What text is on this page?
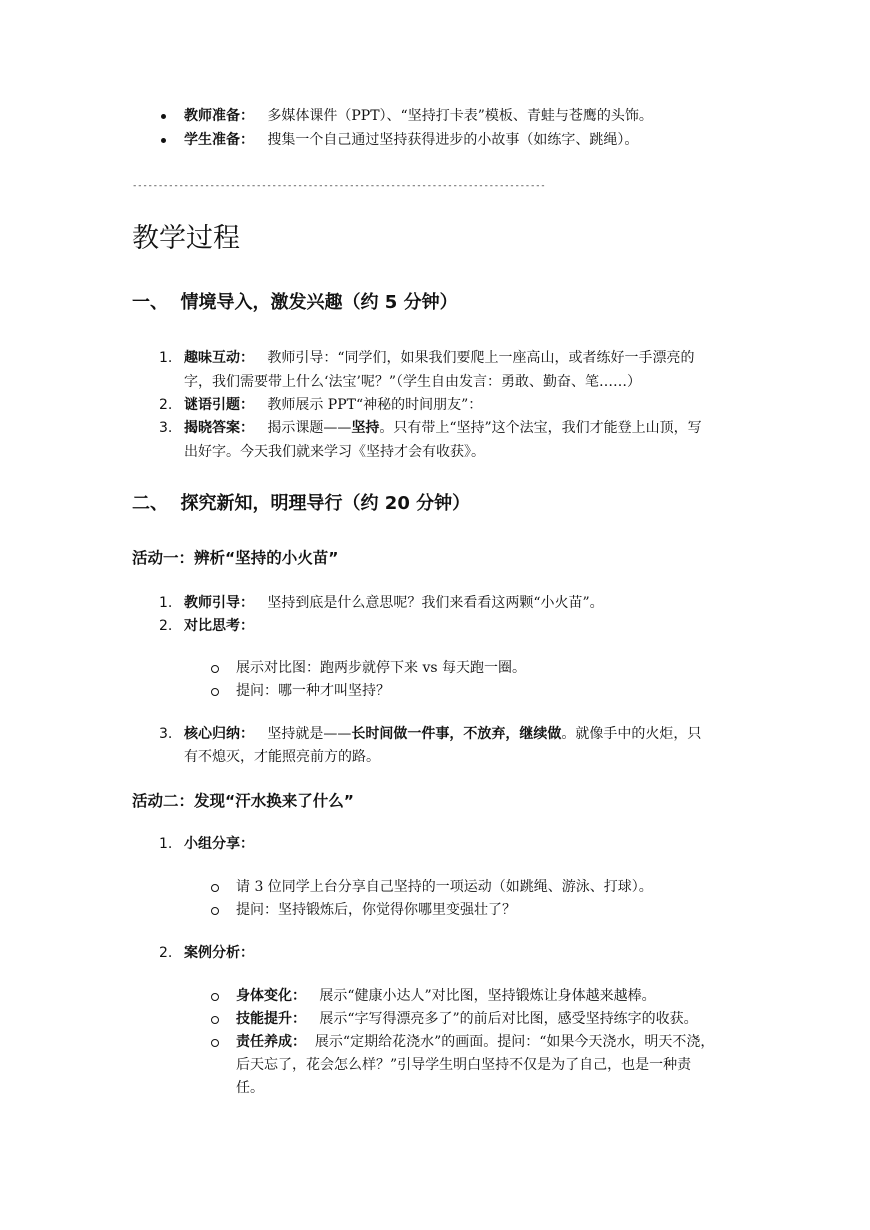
教师准备： 多媒体课件（PPT）、“坚持打卡表”模板、青蛙与苍鹰的头饰。
学生准备： 搜集一个自己通过坚持获得进步的小故事（如练字、跳绳）。
--------------------------------------------------------------------------------
教学过程
一、  情境导入，激发兴趣（约 5 分钟）
1. 趣味互动： 教师引导：“同学们，如果我们要爬上一座高山，或者练好一手漂亮的
字，我们需要带上什么‘法宝’呢？”（学生自由发言：勇敢、勤奋、笔……）
2. 谜语引题： 教师展示 PPT“神秘的时间朋友”：
3. 揭晓答案： 揭示课题——坚持。只有带上“坚持”这个法宝，我们才能登上山顶，写
出好字。今天我们就来学习《坚持才会有收获》。
二、  探究新知，明理导行（约 20 分钟）
活动一：辨析“坚持的小火苗”
1. 教师引导： 坚持到底是什么意思呢？我们来看看这两颗“小火苗”。
2. 对比思考：
展示对比图：跑两步就停下来 vs 每天跑一圈。
提问：哪一种才叫坚持？
3. 核心归纳： 坚持就是——长时间做一件事，不放弃，继续做。就像手中的火炬，只
有不熄灭，才能照亮前方的路。
活动二：发现“汗水换来了什么”
1. 小组分享：
请 3 位同学上台分享自己坚持的一项运动（如跳绳、游泳、打球）。
提问：坚持锻炼后，你觉得你哪里变强壮了？
2. 案例分析：
身体变化： 展示“健康小达人”对比图，坚持锻炼让身体越来越棒。
技能提升： 展示“字写得漂亮多了”的前后对比图，感受坚持练字的收获。
责任养成： 展示“定期给花浇水”的画面。提问：“如果今天浇水，明天不浇，
后天忘了，花会怎么样？”引导学生明白坚持不仅是为了自己，也是一种责
任。
